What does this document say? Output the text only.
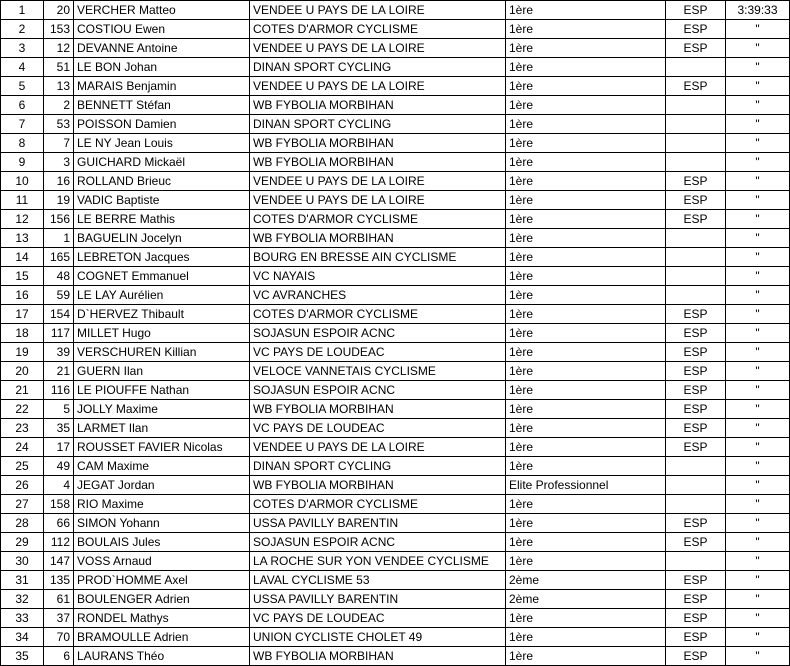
1	20	VERCHER Matteo	VENDEE U PAYS DE LA LOIRE	1ère	ESP	3:39:33
2	153	COSTIOU Ewen	COTES D'ARMOR CYCLISME	1ère	ESP	"
3	12	DEVANNE Antoine	VENDEE U PAYS DE LA LOIRE	1ère	ESP	"
4	51	LE BON Johan	DINAN SPORT CYCLING	1ère		"
5	13	MARAIS Benjamin	VENDEE U PAYS DE LA LOIRE	1ère	ESP	"
6	2	BENNETT Stéfan	WB FYBOLIA MORBIHAN	1ère		"
7	53	POISSON Damien	DINAN SPORT CYCLING	1ère		"
8	7	LE NY Jean Louis	WB FYBOLIA MORBIHAN	1ère		"
9	3	GUICHARD Mickaël	WB FYBOLIA MORBIHAN	1ère		"
10	16	ROLLAND Brieuc	VENDEE U PAYS DE LA LOIRE	1ère	ESP	"
11	19	VADIC Baptiste	VENDEE U PAYS DE LA LOIRE	1ère	ESP	"
12	156	LE BERRE Mathis	COTES D'ARMOR CYCLISME	1ère	ESP	"
13	1	BAGUELIN Jocelyn	WB FYBOLIA MORBIHAN	1ère		"
14	165	LEBRETON Jacques	BOURG EN BRESSE AIN CYCLISME	1ère		"
15	48	COGNET Emmanuel	VC NAYAIS	1ère		"
16	59	LE LAY Aurélien	VC AVRANCHES	1ère		"
17	154	D`HERVEZ Thibault	COTES D'ARMOR CYCLISME	1ère	ESP	"
18	117	MILLET Hugo	SOJASUN ESPOIR ACNC	1ère	ESP	"
19	39	VERSCHUREN Killian	VC PAYS DE LOUDEAC	1ère	ESP	"
20	21	GUERN Ilan	VELOCE VANNETAIS CYCLISME	1ère	ESP	"
21	116	LE PIOUFFE Nathan	SOJASUN ESPOIR ACNC	1ère	ESP	"
22	5	JOLLY Maxime	WB FYBOLIA MORBIHAN	1ère	ESP	"
23	35	LARMET Ilan	VC PAYS DE LOUDEAC	1ère	ESP	"
24	17	ROUSSET FAVIER Nicolas	VENDEE U PAYS DE LA LOIRE	1ère	ESP	"
25	49	CAM Maxime	DINAN SPORT CYCLING	1ère		"
26	4	JEGAT Jordan	WB FYBOLIA MORBIHAN	Elite Professionnel		"
27	158	RIO Maxime	COTES D'ARMOR CYCLISME	1ère		"
28	66	SIMON Yohann	USSA PAVILLY BARENTIN	1ère	ESP	"
29	112	BOULAIS Jules	SOJASUN ESPOIR ACNC	1ère	ESP	"
30	147	VOSS Arnaud	LA ROCHE SUR YON VENDEE CYCLISME	1ère		"
31	135	PROD`HOMME Axel	LAVAL CYCLISME 53	2ème	ESP	"
32	61	BOULENGER Adrien	USSA PAVILLY BARENTIN	2ème	ESP	"
33	37	RONDEL Mathys	VC PAYS DE LOUDEAC	1ère	ESP	"
34	70	BRAMOULLE Adrien	UNION CYCLISTE CHOLET 49	1ère	ESP	"
35	6	LAURANS Théo	WB FYBOLIA MORBIHAN	1ère	ESP	"
